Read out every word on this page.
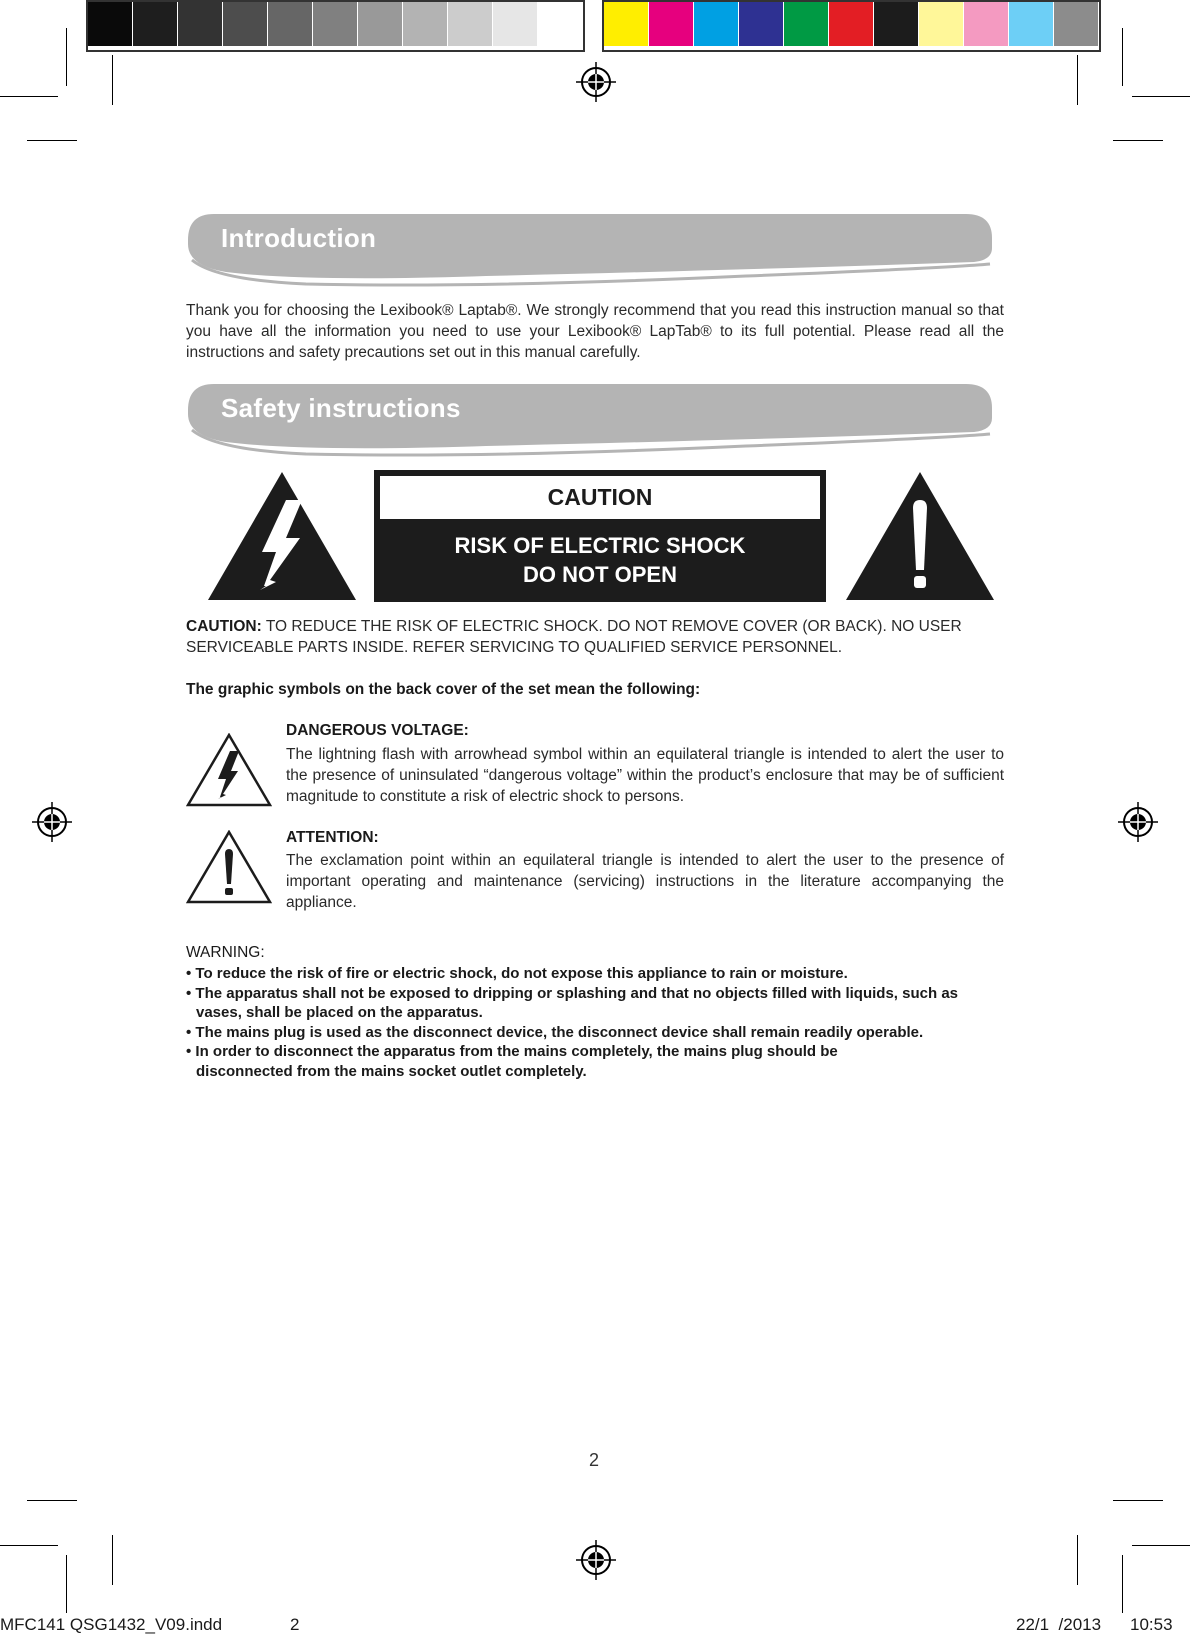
Introduction
Thank you for choosing the Lexibook® Laptab®. We strongly recommend that you read this instruction manual so that you have all the information you need to use your Lexibook® LapTab® to its full potential. Please read all the instructions and safety precautions set out in this manual carefully.
Safety instructions
CAUTION
RISK OF ELECTRIC SHOCK
DO NOT OPEN
CAUTION: TO REDUCE THE RISK OF ELECTRIC SHOCK. DO NOT REMOVE COVER (OR BACK). NO USER SERVICEABLE PARTS INSIDE. REFER SERVICING TO QUALIFIED SERVICE PERSONNEL.
The graphic symbols on the back cover of the set mean the following:
DANGEROUS VOLTAGE:
The lightning flash with arrowhead symbol within an equilateral triangle is intended to alert the user to the presence of uninsulated “dangerous voltage” within the product’s enclosure that may be of sufficient magnitude to constitute a risk of electric shock to persons.
ATTENTION:
The exclamation point within an equilateral triangle is intended to alert the user to the presence of important operating and maintenance (servicing) instructions in the literature accompanying the appliance.
WARNING:
• To reduce the risk of fire or electric shock, do not expose this appliance to rain or moisture.
• The apparatus shall not be exposed to dripping or splashing and that no objects filled with liquids, such as vases, shall be placed on the apparatus.
• The mains plug is used as the disconnect device, the disconnect device shall remain readily operable.
• In order to disconnect the apparatus from the mains completely, the mains plug should be disconnected from the mains socket outlet completely.
2
MFC141 QSG1432_V09.indd	2	22/1  /2013 10:53
